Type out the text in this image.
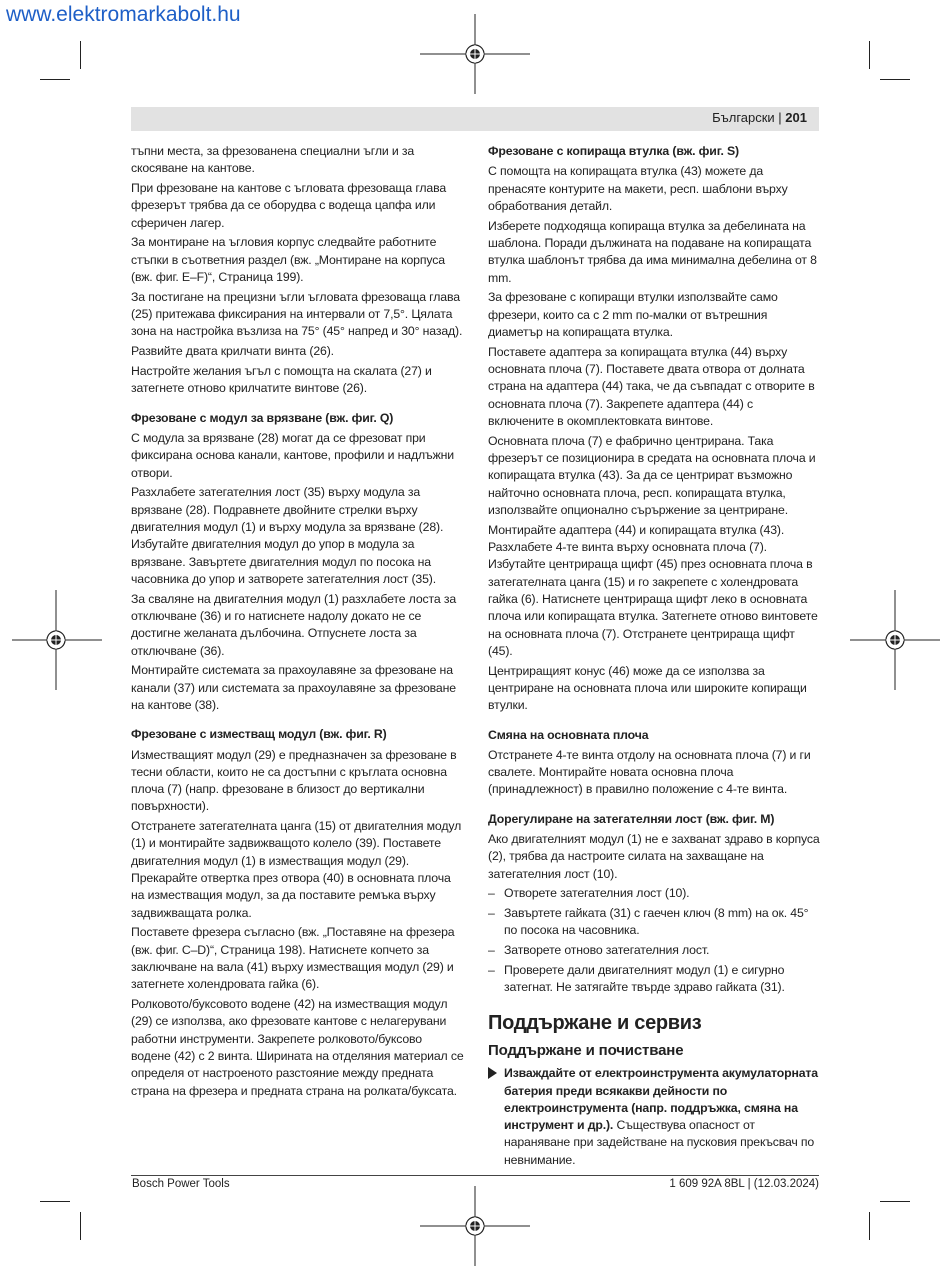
www.elektromarkabolt.hu
Български | 201

тъпни места, за фрезованена специални ъгли и за скосяване на кантове.

При фрезоване на кантове с ъгловата фрезоваща глава фрезерът трябва да се оборудва с водеща цапфа или сферичен лагер.

За монтиране на ъгловия корпус следвайте работните стъпки в съответния раздел (вж. „Монтиране на корпуса (вж. фиг. E–F)“, Страница 199).

За постигане на прецизни ъгли ъгловата фрезоваща глава (25) притежава фиксирания на интервали от 7,5°. Цялата зона на настройка възлиза на 75° (45° напред и 30° назад).

Развийте двата крилчати винта (26).

Настройте желания ъгъл с помощта на скалата (27) и затегнете отново крилчатите винтове (26).

Фрезоване с модул за врязване (вж. фиг. Q)

С модула за врязване (28) могат да се фрезоват при фиксирана основа канали, кантове, профили и надлъжни отвори.

Разхлабете затегателния лост (35) върху модула за врязване (28). Подравнете двойните стрелки върху двигателния модул (1) и върху модула за врязване (28). Избутайте двигателния модул до упор в модула за врязване. Завъртете двигателния модул по посока на часовника до упор и затворете затегателния лост (35).

За сваляне на двигателния модул (1) разхлабете лоста за отключване (36) и го натиснете надолу докато не се достигне желаната дълбочина. Отпуснете лоста за отключване (36).

Монтирайте системата за прахоулавяне за фрезоване на канали (37) или системата за прахоулавяне за фрезоване на кантове (38).

Фрезоване с изместващ модул (вж. фиг. R)

Изместващият модул (29) е предназначен за фрезоване в тесни области, които не са достъпни с кръглата основна плоча (7) (напр. фрезоване в близост до вертикални повърхности).

Отстранете затегателната цанга (15) от двигателния модул (1) и монтирайте задвижващото колело (39). Поставете двигателния модул (1) в изместващия модул (29). Прекарайте отвертка през отвора (40) в основната плоча на изместващия модул, за да поставите ремъка върху задвижващата ролка.

Поставете фрезера съгласно (вж. „Поставяне на фрезера (вж. фиг. C–D)“, Страница 198). Натиснете копчето за заключване на вала (41) върху изместващия модул (29) и затегнете холендровата гайка (6).

Ролковото/буксовото водене (42) на изместващия модул (29) се използва, ако фрезовате кантове с нелагерувани работни инструменти. Закрепете ролковото/буксово водене (42) с 2 винта. Ширината на отделяния материал се определя от настроеното разстояние между предната страна на фрезера и предната страна на ролката/буксата.

Фрезоване с копираща втулка (вж. фиг. S)

С помощта на копиращата втулка (43) можете да пренасяте контурите на макети, респ. шаблони върху обработвания детайл.

Изберете подходяща копираща втулка за дебелината на шаблона. Поради дължината на подаване на копиращата втулка шаблонът трябва да има минимална дебелина от 8 mm.

За фрезоване с копиращи втулки използвайте само фрезери, които са с 2 mm по-малки от вътрешния диаметър на копиращата втулка.

Поставете адаптера за копиращата втулка (44) върху основната плоча (7). Поставете двата отвора от долната страна на адаптера (44) така, че да съвпадат с отворите в основната плоча (7). Закрепете адаптера (44) с включените в окомплектовката винтове.

Основната плоча (7) е фабрично центрирана. Така фрезерът се позиционира в средата на основната плоча и копиращата втулка (43). За да се центрират възможно найточно основната плоча, респ. копиращата втулка, използвайте опционално сърържение за центриране.

Монтирайте адаптера (44) и копиращата втулка (43). Разхлабете 4-те винта върху основната плоча (7). Избутайте центрираща щифт (45) през основната плоча в затегателната цанга (15) и го закрепете с холендровата гайка (6). Натиснете центрираща щифт леко в основната плоча или копиращата втулка. Затегнете отново винтовете на основната плоча (7). Отстранете центрираща щифт (45).

Центриращият конус (46) може да се използва за центриране на основната плоча или широките копиращи втулки.

Смяна на основната плоча

Отстранете 4-те винта отдолу на основната плоча (7) и ги свалете. Монтирайте новата основна плоча (принадлежност) в правилно положение с 4-те винта.

Дорегулиране на затегателняи лост (вж. фиг. M)

Ако двигателният модул (1) не е захванат здраво в корпуса (2), трябва да настроите силата на захващане на затегателния лост (10).

– Отворете затегателния лост (10).
– Завъртете гайката (31) с гаечен ключ (8 mm) на ок. 45° по посока на часовника.
– Затворете отново затегателния лост.
– Проверете дали двигателният модул (1) е сигурно затегнат. Не затягайте твърде здраво гайката (31).
Поддържане и сервиз
Поддържане и почистване
Изваждайте от електроинструмента акумулаторната батерия преди всякакви дейности по електроинструмента (напр. поддръжка, смяна на инструмент и др.). Съществува опасност от нараняване при задействане на пусковия прекъсвач по невнимание.
Bosch Power Tools	1 609 92A 8BL | (12.03.2024)
